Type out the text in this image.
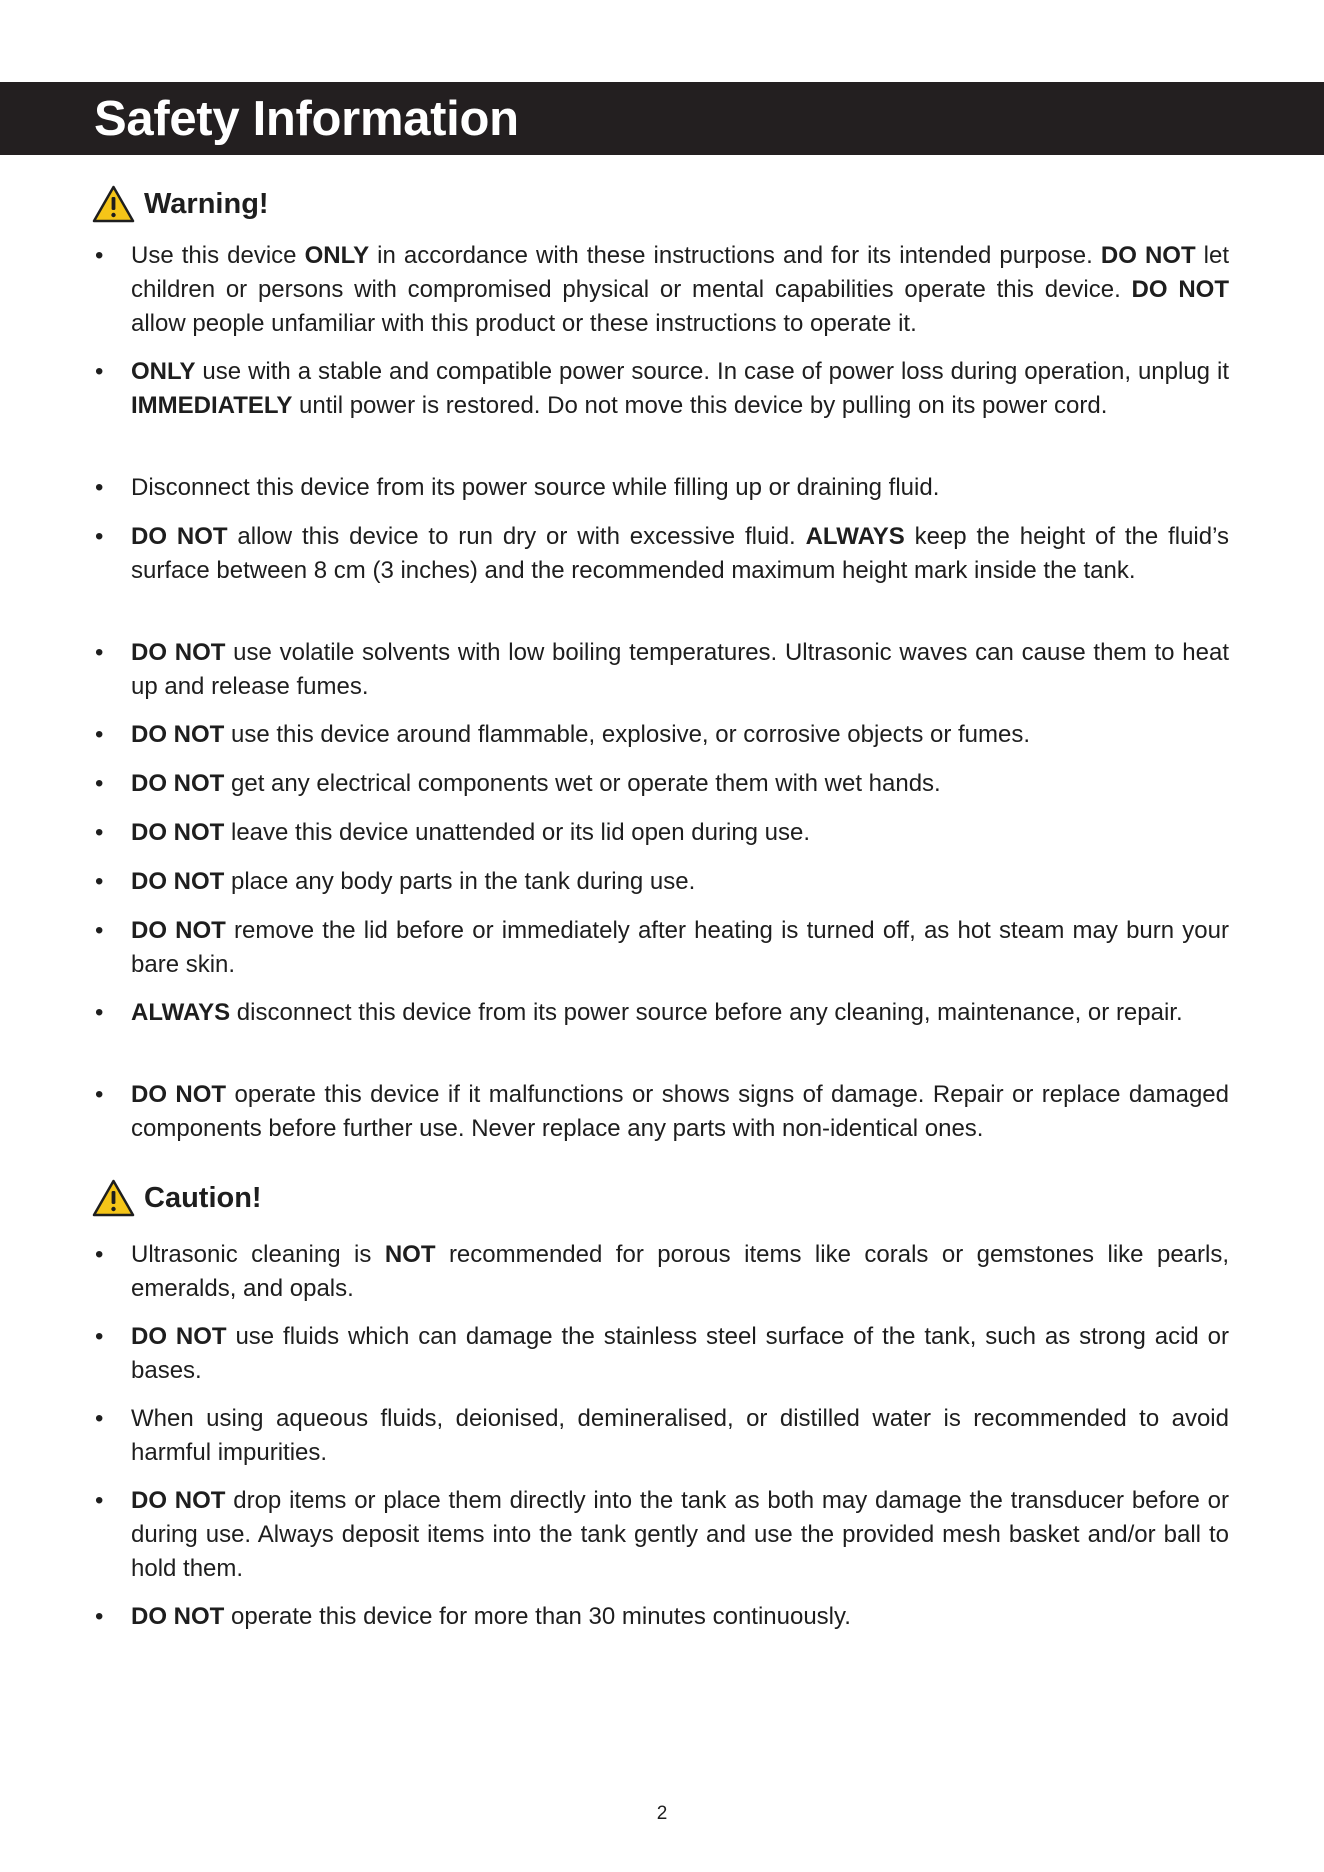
Safety Information
Warning!
• Use this device ONLY in accordance with these instructions and for its intended purpose. DO NOT let children or persons with compromised physical or mental capabilities operate this device. DO NOT allow people unfamiliar with this product or these instructions to operate it.

• ONLY use with a stable and compatible power source. In case of power loss during operation, unplug it IMMEDIATELY until power is restored. Do not move this device by pulling on its power cord.

• Disconnect this device from its power source while filling up or draining fluid.

• DO NOT allow this device to run dry or with excessive fluid. ALWAYS keep the height of the fluid’s surface between 8 cm (3 inches) and the recommended maximum height mark inside the tank.

• DO NOT use volatile solvents with low boiling temperatures. Ultrasonic waves can cause them to heat up and release fumes.

• DO NOT use this device around flammable, explosive, or corrosive objects or fumes.

• DO NOT get any electrical components wet or operate them with wet hands.

• DO NOT leave this device unattended or its lid open during use.

• DO NOT place any body parts in the tank during use.

• DO NOT remove the lid before or immediately after heating is turned off, as hot steam may burn your bare skin.

• ALWAYS disconnect this device from its power source before any cleaning, maintenance, or repair.

• DO NOT operate this device if it malfunctions or shows signs of damage. Repair or replace damaged components before further use. Never replace any parts with non-identical ones.

Caution!
• Ultrasonic cleaning is NOT recommended for porous items like corals or gemstones like pearls, emeralds, and opals.

• DO NOT use fluids which can damage the stainless steel surface of the tank, such as strong acid or bases.

• When using aqueous fluids, deionised, demineralised, or distilled water is recommended to avoid harmful impurities.

• DO NOT drop items or place them directly into the tank as both may damage the transducer before or during use. Always deposit items into the tank gently and use the provided mesh basket and/or ball to hold them.

• DO NOT operate this device for more than 30 minutes continuously.

2
